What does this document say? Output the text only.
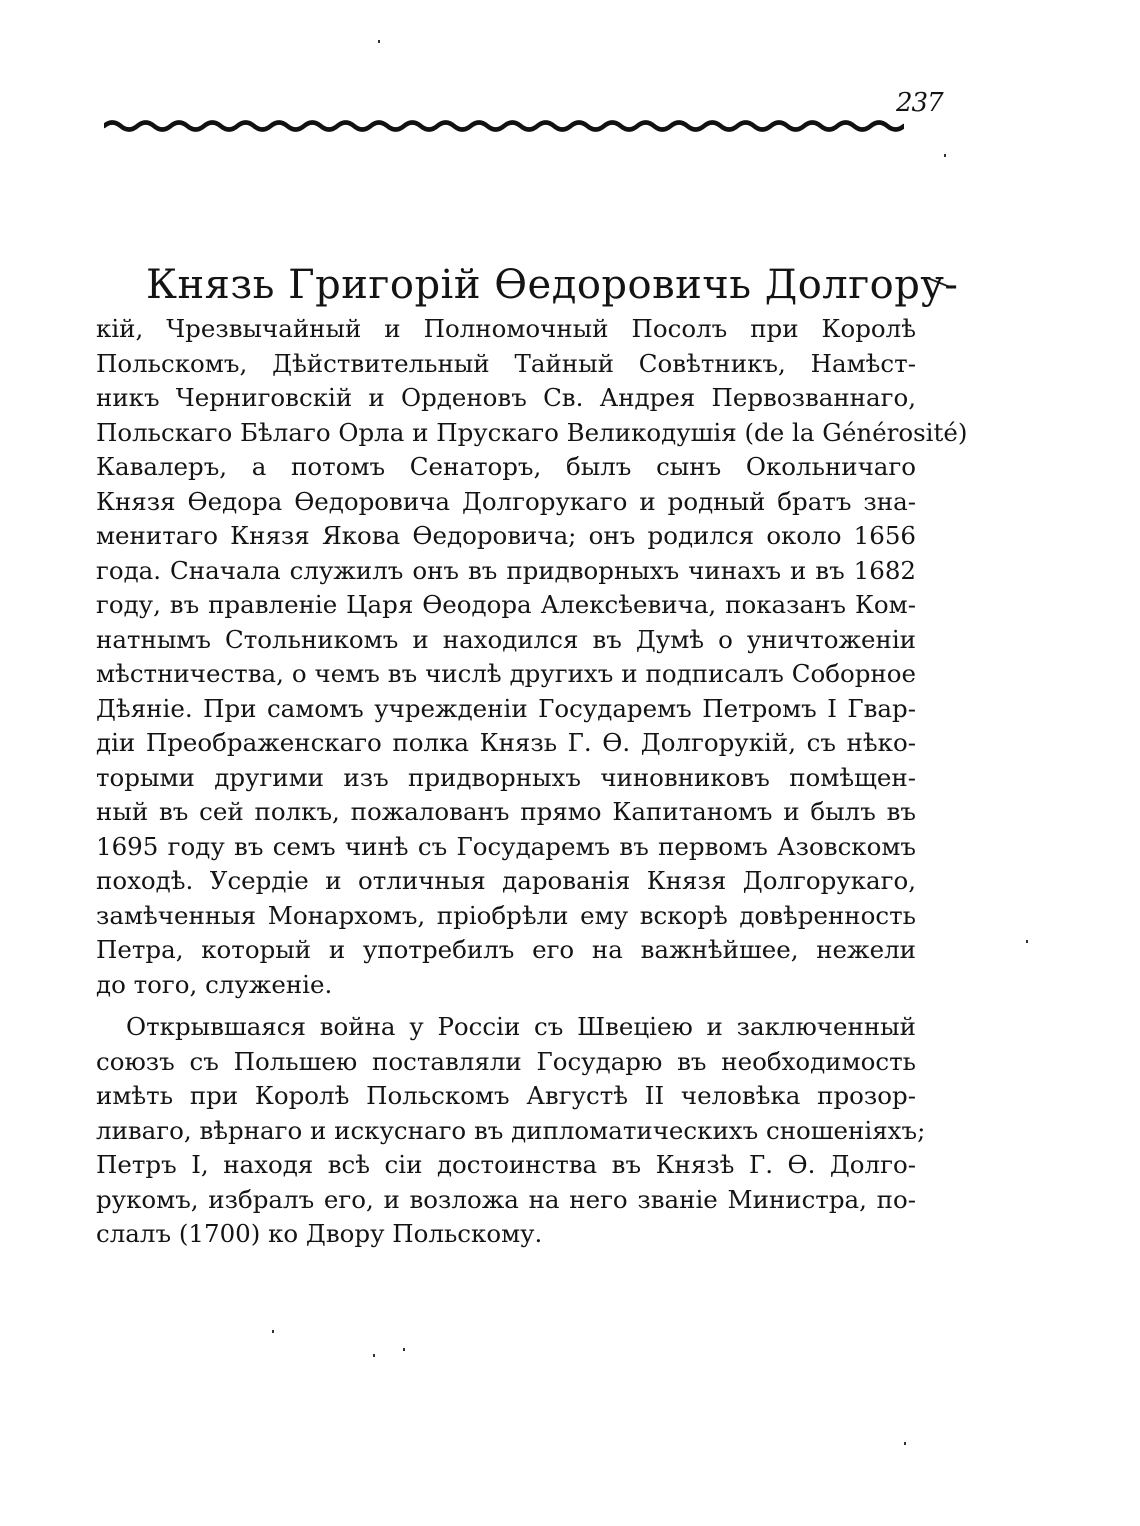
237
Князь Григорій Өедоровичь Долгору-
кій, Чрезвычайный и Полномочный Посолъ при Королѣ
Польскомъ, Дѣйствительный Тайный Совѣтникъ, Намѣст-
никъ Черниговскій и Орденовъ Св. Андрея Первозваннаго,
Польскаго Бѣлаго Орла и Прускаго Великодушія (de la Générosité)
Кавалеръ, а потомъ Сенаторъ, былъ сынъ Окольничаго
Князя Өедора Өедоровича Долгорукаго и родный братъ зна-
менитаго Князя Якова Өедоровича; онъ родился около 1656
года. Сначала служилъ онъ въ придворныхъ чинахъ и въ 1682
году, въ правленіе Царя Өеодора Алексѣевича, показанъ Ком-
натнымъ Стольникомъ и находился въ Думѣ о уничтоженіи
мѣстничества, о чемъ въ числѣ другихъ и подписалъ Соборное
Дѣяніе. При самомъ учрежденіи Государемъ Петромъ I Гвар-
діи Преображенскаго полка Князь Г. Ө. Долгорукій, съ нѣко-
торыми другими изъ придворныхъ чиновниковъ помѣщен-
ный въ сей полкъ, пожалованъ прямо Капитаномъ и былъ въ
1695 году въ семъ чинѣ съ Государемъ въ первомъ Азовскомъ
походѣ. Усердіе и отличныя дарованія Князя Долгорукаго,
замѣченныя Монархомъ, пріобрѣли ему вскорѣ довѣренность
Петра, который и употребилъ его на важнѣйшее, нежели
до того, служеніе.
Открывшаяся война у Россіи съ Швеціею и заключенный
союзъ съ Польшею поставляли Государю въ необходимость
имѣть при Королѣ Польскомъ Августѣ II человѣка прозор-
ливаго, вѣрнаго и искуснаго въ дипломатическихъ сношеніяхъ;
Петръ I, находя всѣ сіи достоинства въ Князѣ Г. Ө. Долго-
рукомъ, избралъ его, и возложа на него званіе Министра, по-
слалъ (1700) ко Двору Польскому.
